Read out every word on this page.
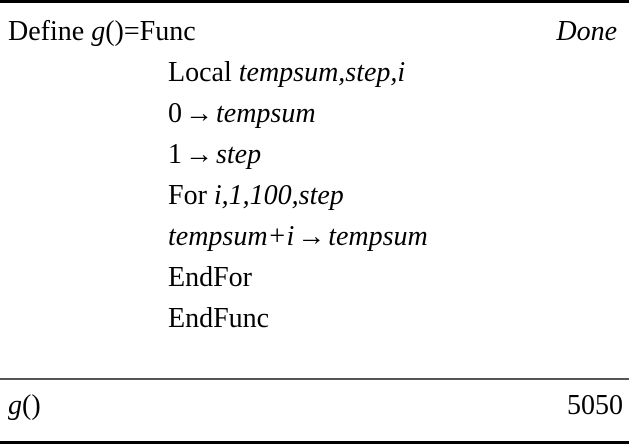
Define g()=Func	Done
Local tempsum,step,i
0 → tempsum
1 → step
For i,1,100,step
tempsum+i → tempsum
EndFor
EndFunc
g()	5050
